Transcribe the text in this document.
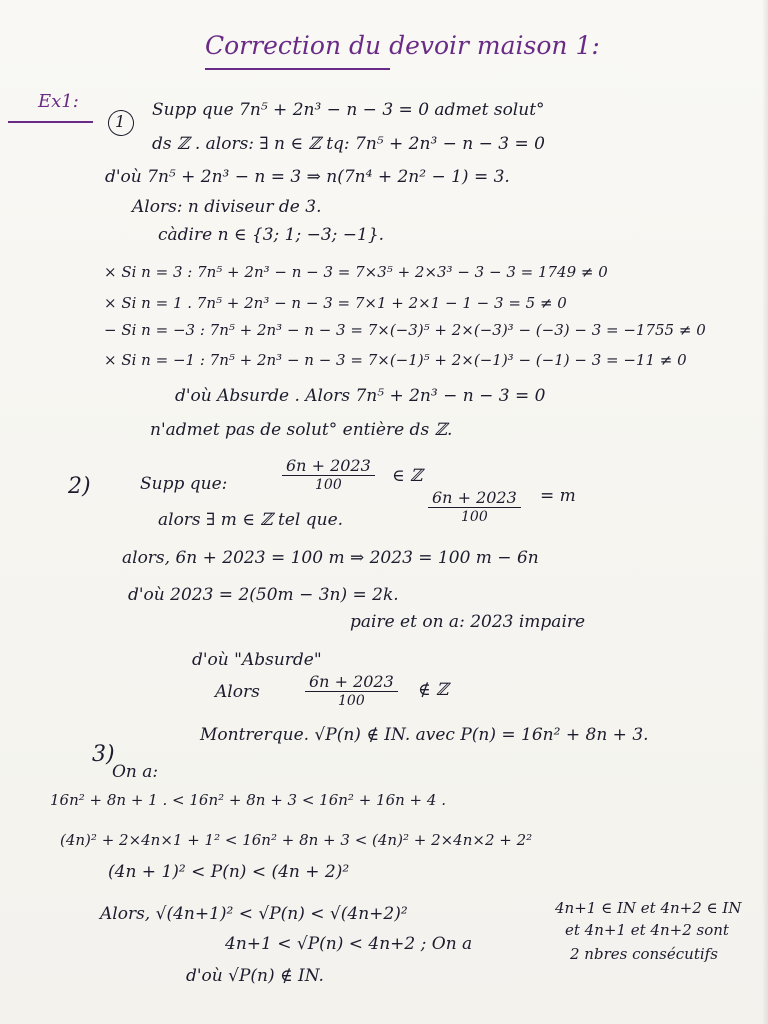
Correction du devoir maison 1:
Ex1:
1
Supp que 7n⁵ + 2n³ − n − 3 = 0 admet solut°
ds ℤ . alors: ∃ n ∈ ℤ tq: 7n⁵ + 2n³ − n − 3 = 0
d'où 7n⁵ + 2n³ − n = 3 ⇒ n(7n⁴ + 2n² − 1) = 3.
Alors: n diviseur de 3.
càdire n ∈ {3; 1; −3; −1}.
× Si n = 3 : 7n⁵ + 2n³ − n − 3 = 7×3⁵ + 2×3³ − 3 − 3 = 1749 ≠ 0
× Si n = 1 . 7n⁵ + 2n³ − n − 3 = 7×1 + 2×1 − 1 − 3 = 5 ≠ 0
− Si n = −3 : 7n⁵ + 2n³ − n − 3 = 7×(−3)⁵ + 2×(−3)³ − (−3) − 3 = −1755 ≠ 0
× Si n = −1 : 7n⁵ + 2n³ − n − 3 = 7×(−1)⁵ + 2×(−1)³ − (−1) − 3 = −11 ≠ 0
d'où Absurde . Alors 7n⁵ + 2n³ − n − 3 = 0
n'admet pas de solut° entière ds ℤ.
2)	Supp que:	$\frac{6n + 2023}{100}$ ∈ ℤ
alors ∃ m ∈ ℤ tel que.	$\frac{6n + 2023}{100} = m$
alors, 6n + 2023 = 100 m ⇒ 2023 = 100 m − 6n
d'où 2023 = 2(50m − 3n) = 2k.
paire et on a: 2023 impaire
d'où "Absurde"
Alors	$\frac{6n + 2023}{100}$ ∉ ℤ
3)
Montrerque. √P(n) ∉ IN. avec P(n) = 16n² + 8n + 3.
On a:
16n² + 8n + 1 . < 16n² + 8n + 3 < 16n² + 16n + 4 .
(4n)² + 2×4n×1 + 1² < 16n² + 8n + 3 < (4n)² + 2×4n×2 + 2²
(4n + 1)² < P(n) < (4n + 2)²
Alors, √(4n+1)² < √P(n) < √(4n+2)²
4n+1 < √P(n) < 4n+2 ; On a
4n+1 ∈ IN et 4n+2 ∈ IN
et 4n+1 et 4n+2 sont
2 nbres consécutifs
d'où √P(n) ∉ IN.
